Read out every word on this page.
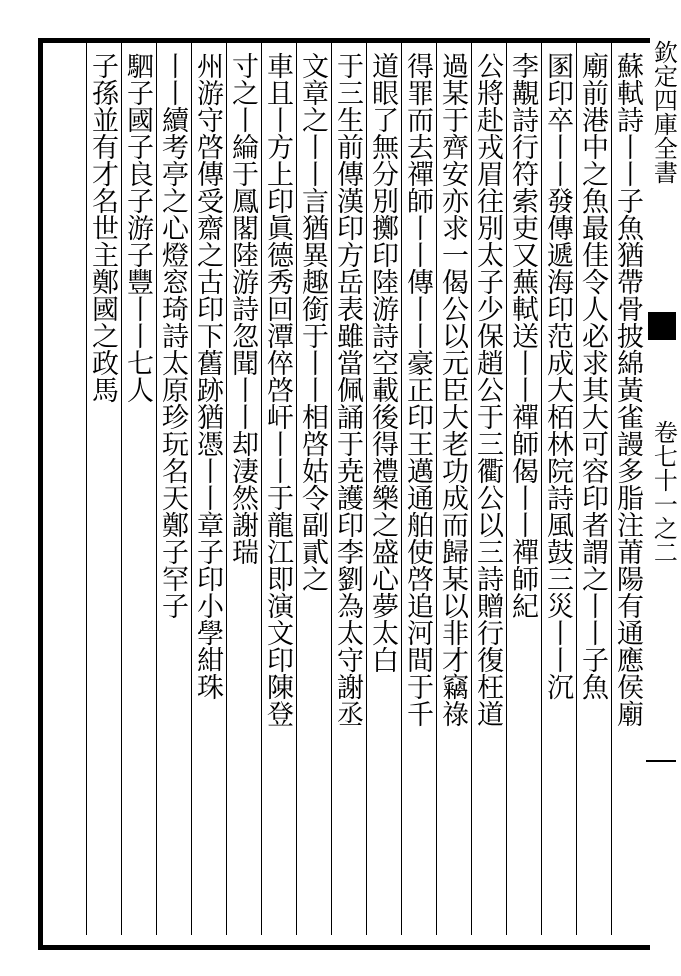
欽定四庫全書
卷七十一之二
蘇軾詩丨丨子魚猶帶骨披綿黃雀謾多脂注莆陽有通應侯廟
廟前港中之魚最佳令人必求其大可容印者謂之丨丨子魚
圂印卒丨丨發傳遞海印范成大栢林院詩風鼓三災丨丨沉
李覯詩行符索吏又蕪軾送丨丨禪師偈丨丨禪師紀
公將赴戎眉往別太子少保趙公于三衢公以三詩贈行復枉道
過某于齊安亦求一偈公以元臣大老功成而歸某以非才竊祿
得罪而去禪師丨丨傳丨丨豪正印王邁通舶使啓追河間于千
道眼了無分別擲印陸游詩空載後得禮樂之盛心夢太白
于三生前傳漢印方岳表雖當佩誦于尭護印李劉為太守謝丞
文章之丨丨言猶異趣銜于丨丨相啓姑令副貳之
車且丨方上印眞德秀回潭倅啓屽丨丨于龍江即演文印陳登
寸之丨綸于鳳閣陸游詩忽聞丨丨却淒然謝瑞
州游守啓傳受齋之古印下舊跡猶憑丨丨章子印小學紺珠
丨丨續考亭之心燈窓琦詩太原珍玩名天鄭子罕子
駟子國子良子游子豐丨丨七人
子孫並有才名世主鄭國之政馬
